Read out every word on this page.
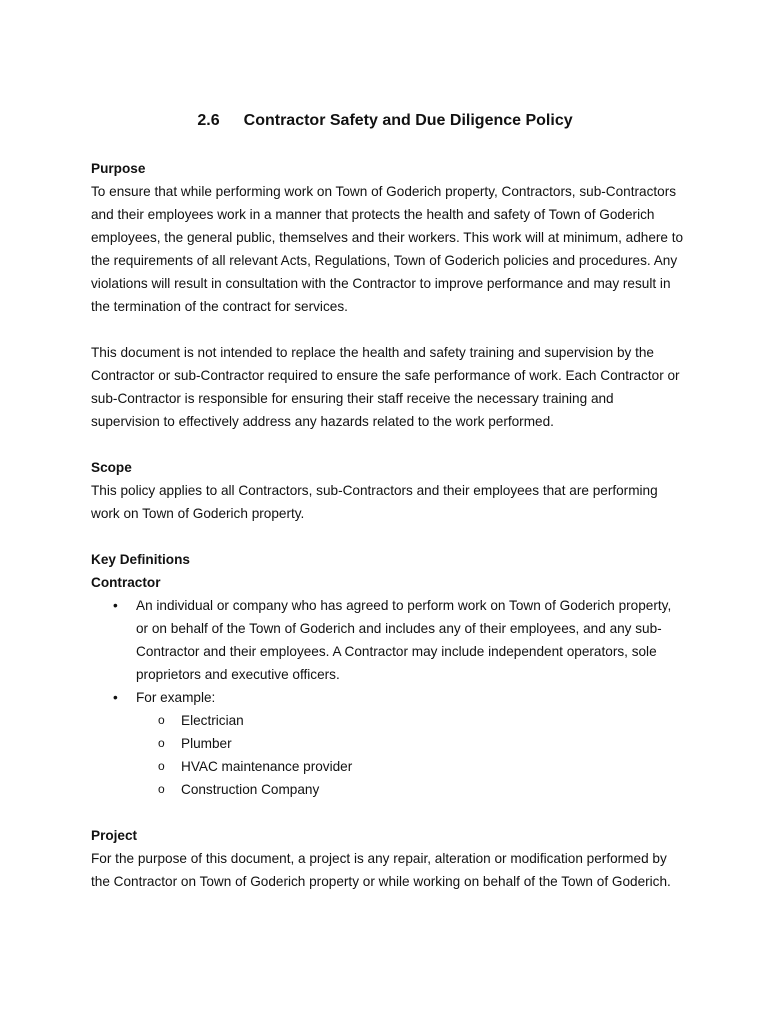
2.6 Contractor Safety and Due Diligence Policy

Purpose

To ensure that while performing work on Town of Goderich property, Contractors, sub-Contractors and their employees work in a manner that protects the health and safety of Town of Goderich employees, the general public, themselves and their workers. This work will at minimum, adhere to the requirements of all relevant Acts, Regulations, Town of Goderich policies and procedures. Any violations will result in consultation with the Contractor to improve performance and may result in the termination of the contract for services.

This document is not intended to replace the health and safety training and supervision by the Contractor or sub-Contractor required to ensure the safe performance of work. Each Contractor or sub-Contractor is responsible for ensuring their staff receive the necessary training and supervision to effectively address any hazards related to the work performed.

Scope

This policy applies to all Contractors, sub-Contractors and their employees that are performing work on Town of Goderich property.

Key Definitions

Contractor

• An individual or company who has agreed to perform work on Town of Goderich property, or on behalf of the Town of Goderich and includes any of their employees, and any sub-Contractor and their employees. A Contractor may include independent operators, sole proprietors and executive officers.
• For example:
o Electrician
o Plumber
o HVAC maintenance provider
o Construction Company

Project

For the purpose of this document, a project is any repair, alteration or modification performed by the Contractor on Town of Goderich property or while working on behalf of the Town of Goderich.
